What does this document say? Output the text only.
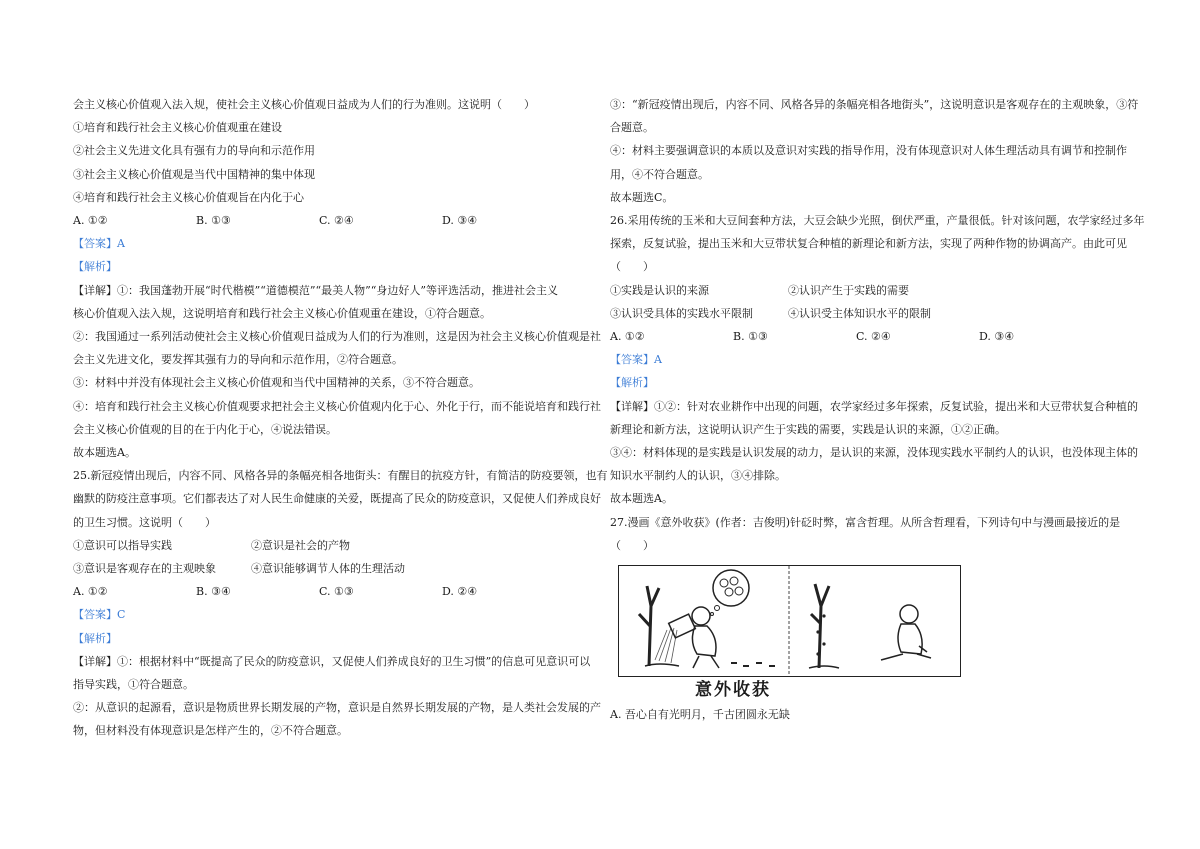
会主义核心价值观入法入规，使社会主义核心价值观日益成为人们的行为准则。这说明（　　）
①培育和践行社会主义核心价值观重在建设
②社会主义先进文化具有强有力的导向和示范作用
③社会主义核心价值观是当代中国精神的集中体现
④培育和践行社会主义核心价值观旨在内化于心
A. ①②	B. ①③	C. ②④	D. ③④
【答案】A
【解析】
【详解】①：我国蓬勃开展“时代楷模”“道德模范”“最美人物”“身边好人”等评选活动，推进社会主义
核心价值观入法入规，这说明培育和践行社会主义核心价值观重在建设，①符合题意。
②：我国通过一系列活动使社会主义核心价值观日益成为人们的行为准则，这是因为社会主义核心价值观是社
会主义先进文化，要发挥其强有力的导向和示范作用，②符合题意。
③：材料中并没有体现社会主义核心价值观和当代中国精神的关系，③不符合题意。
④：培育和践行社会主义核心价值观要求把社会主义核心价值观内化于心、外化于行，而不能说培育和践行社
会主义核心价值观的目的在于内化于心，④说法错误。
故本题选A。
25.新冠疫情出现后，内容不同、风格各异的条幅亮相各地街头：有醒目的抗疫方针，有简洁的防疫要领，也有
幽默的防疫注意事项。它们都表达了对人民生命健康的关爱，既提高了民众的防疫意识，又促使人们养成良好
的卫生习惯。这说明（　　）
①意识可以指导实践	②意识是社会的产物
③意识是客观存在的主观映象	④意识能够调节人体的生理活动
A. ①②	B. ③④	C. ①③	D. ②④
【答案】C
【解析】
【详解】①：根据材料中“既提高了民众的防疫意识，又促使人们养成良好的卫生习惯”的信息可见意识可以
指导实践，①符合题意。
②：从意识的起源看，意识是物质世界长期发展的产物，意识是自然界长期发展的产物，是人类社会发展的产
物，但材料没有体现意识是怎样产生的，②不符合题意。
③：“新冠疫情出现后，内容不同、风格各异的条幅亮相各地街头”，这说明意识是客观存在的主观映象，③符
合题意。
④：材料主要强调意识的本质以及意识对实践的指导作用，没有体现意识对人体生理活动具有调节和控制作
用，④不符合题意。
故本题选C。
26.采用传统的玉米和大豆间套种方法，大豆会缺少光照，倒伏严重，产量很低。针对该问题，农学家经过多年
探索，反复试验，提出玉米和大豆带状复合种植的新理论和新方法，实现了两种作物的协调高产。由此可见
（　　）
①实践是认识的来源	②认识产生于实践的需要
③认识受具体的实践水平限制	④认识受主体知识水平的限制
A. ①②	B. ①③	C. ②④	D. ③④
【答案】A
【解析】
【详解】①②：针对农业耕作中出现的问题，农学家经过多年探索，反复试验，提出米和大豆带状复合种植的
新理论和新方法，这说明认识产生于实践的需要，实践是认识的来源，①②正确。
③④：材料体现的是实践是认识发展的动力，是认识的来源，没体现实践水平制约人的认识，也没体现主体的
知识水平制约人的认识，③④排除。
故本题选A。
27.漫画《意外收获》(作者：吉俊明)针砭时弊，富含哲理。从所含哲理看，下列诗句中与漫画最接近的是
（　　）
意外收获
A. 吾心自有光明月，千古团圆永无缺
